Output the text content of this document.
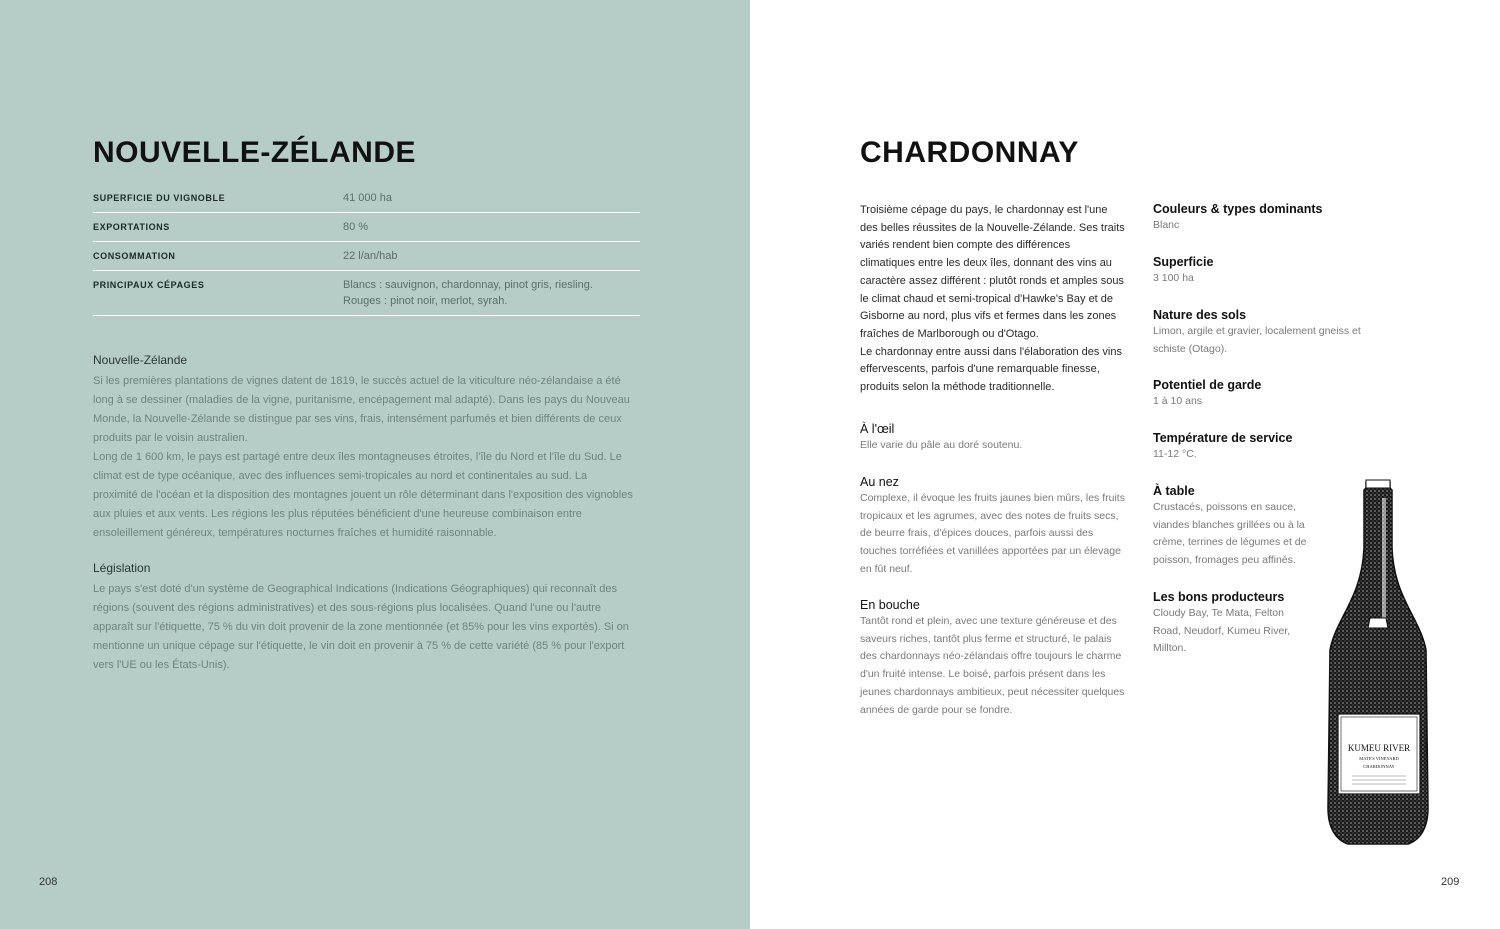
NOUVELLE-ZÉLANDE
SUPERFICIE DU VIGNOBLE	41 000 ha
EXPORTATIONS	80 %
CONSOMMATION	22 l/an/hab
PRINCIPAUX CÉPAGES	Blancs : sauvignon, chardonnay, pinot gris, riesling.
Rouges : pinot noir, merlot, syrah.
Nouvelle-Zélande
Si les premières plantations de vignes datent de 1819, le succès actuel de la viticulture néo-zélandaise a été long à se dessiner (maladies de la vigne, puritanisme, encépagement mal adapté). Dans les pays du Nouveau Monde, la Nouvelle-Zélande se distingue par ses vins, frais, intensément parfumés et bien différents de ceux produits par le voisin australien.
Long de 1 600 km, le pays est partagé entre deux îles montagneuses étroites, l'île du Nord et l'île du Sud. Le climat est de type océanique, avec des influences semi-tropicales au nord et continentales au sud. La proximité de l'océan et la disposition des montagnes jouent un rôle déterminant dans l'exposition des vignobles aux pluies et aux vents. Les régions les plus réputées bénéficient d'une heureuse combinaison entre ensoleillement généreux, températures nocturnes fraîches et humidité raisonnable.
Législation
Le pays s'est doté d'un système de Geographical Indications (Indications Géographiques) qui reconnaît des régions (souvent des régions administratives) et des sous-régions plus localisées. Quand l'une ou l'autre apparaît sur l'étiquette, 75 % du vin doit provenir de la zone mentionnée (et 85% pour les vins exportés). Si on mentionne un unique cépage sur l'étiquette, le vin doit en provenir à 75 % de cette variété (85 % pour l'export vers l'UE ou les États-Unis).
208
CHARDONNAY
Troisième cépage du pays, le chardonnay est l'une des belles réussites de la Nouvelle-Zélande. Ses traits variés rendent bien compte des différences climatiques entre les deux îles, donnant des vins au caractère assez différent : plutôt ronds et amples sous le climat chaud et semi-tropical d'Hawke's Bay et de Gisborne au nord, plus vifs et fermes dans les zones fraîches de Marlborough ou d'Otago.
Le chardonnay entre aussi dans l'élaboration des vins effervescents, parfois d'une remarquable finesse, produits selon la méthode traditionnelle.
À l'œil

Elle varie du pâle au doré soutenu.

Au nez

Complexe, il évoque les fruits jaunes bien mûrs, les fruits tropicaux et les agrumes, avec des notes de fruits secs, de beurre frais, d'épices douces, parfois aussi des touches torréfiées et vanillées apportées par un élevage en fût neuf.

En bouche

Tantôt rond et plein, avec une texture généreuse et des saveurs riches, tantôt plus ferme et structuré, le palais des chardonnays néo-zélandais offre toujours le charme d'un fruité intense. Le boisé, parfois présent dans les jeunes chardonnays ambitieux, peut nécessiter quelques années de garde pour se fondre.

Couleurs & types dominants

Blanc

Superficie

3 100 ha

Nature des sols

Limon, argile et gravier, localement gneiss et schiste (Otago).

Potentiel de garde

1 à 10 ans

Température de service

11-12 °C.

À table

Crustacés, poissons en sauce, viandes blanches grillées ou à la crème, terrines de légumes et de poisson, fromages peu affinés.

Les bons producteurs

Cloudy Bay, Te Mata, Felton Road, Neudorf, Kumeu River, Millton.

KUMEU RIVER
MATE'S VINEYARD
CHARDONNAY
209
